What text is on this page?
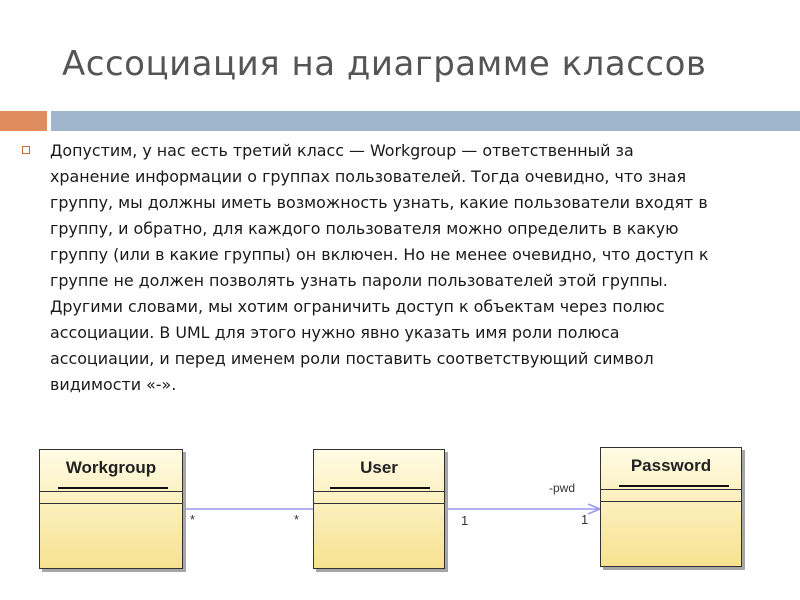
Ассоциация на диаграмме классов

Допустим, у нас есть третий класс — Workgroup — ответственный за
хранение информации о группах пользователей. Тогда очевидно, что зная
группу, мы должны иметь возможность узнать, какие пользователи входят в
группу, и обратно, для каждого пользователя можно определить в какую
группу (или в какие группы) он включен. Но не менее очевидно, что доступ к
группе не должен позволять узнать пароли пользователей этой группы.
Другими словами, мы хотим ограничить доступ к объектам через полюс
ассоциации. В UML для этого нужно явно указать имя роли полюса
ассоциации, и перед именем роли поставить соответствующий символ
видимости «-».

Workgroup	User	Password
*	*	1	1
-pwd
